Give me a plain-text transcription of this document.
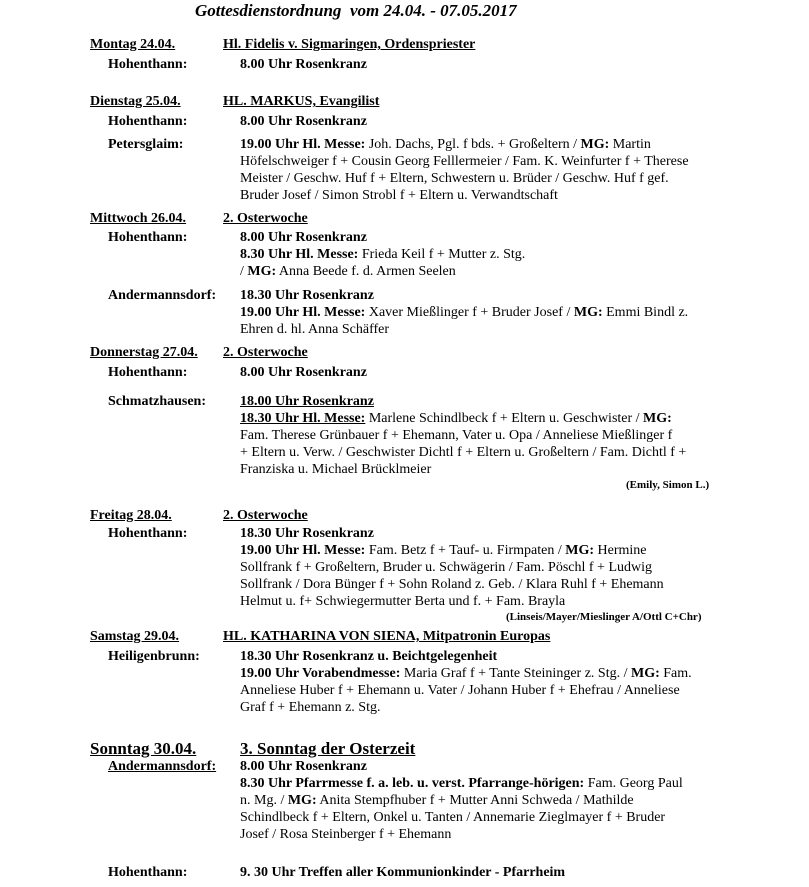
Gottesdienstordnung vom 24.04. - 07.05.2017
Montag 24.04.	Hl. Fidelis v. Sigmaringen, Ordenspriester
Hohenthann:	8.00 Uhr Rosenkranz
Dienstag 25.04.	HL. MARKUS, Evangilist
Hohenthann:	8.00 Uhr Rosenkranz
Petersglaim:	19.00 Uhr Hl. Messe: Joh. Dachs, Pgl. f bds. + Großeltern / MG: Martin
Höfelschweiger f + Cousin Georg Felllermeier / Fam. K. Weinfurter f + Therese
Meister / Geschw. Huf f + Eltern, Schwestern u. Brüder / Geschw. Huf f gef.
Bruder Josef / Simon Strobl f + Eltern u. Verwandtschaft
Mittwoch 26.04.	2. Osterwoche
Hohenthann:	8.00 Uhr Rosenkranz
8.30 Uhr Hl. Messe: Frieda Keil f + Mutter z. Stg.
/ MG: Anna Beede f. d. Armen Seelen
Andermannsdorf: 18.30 Uhr Rosenkranz
19.00 Uhr Hl. Messe: Xaver Mießlinger f + Bruder Josef / MG: Emmi Bindl z.
Ehren d. hl. Anna Schäffer
Donnerstag 27.04. 2. Osterwoche
Hohenthann:	8.00 Uhr Rosenkranz
Schmatzhausen: 18.00 Uhr Rosenkranz
18.30 Uhr Hl. Messe: Marlene Schindlbeck f + Eltern u. Geschwister / MG:
Fam. Therese Grünbauer f + Ehemann, Vater u. Opa / Anneliese Mießlinger f
+ Eltern u. Verw. / Geschwister Dichtl f + Eltern u. Großeltern / Fam. Dichtl f +
Franziska u. Michael Brücklmeier
(Emily, Simon L.)
Freitag 28.04.	2. Osterwoche
Hohenthann:	18.30 Uhr Rosenkranz
19.00 Uhr Hl. Messe: Fam. Betz f + Tauf- u. Firmpaten / MG: Hermine
Sollfrank f + Großeltern, Bruder u. Schwägerin / Fam. Pöschl f + Ludwig
Sollfrank / Dora Bünger f + Sohn Roland z. Geb. / Klara Ruhl f + Ehemann
Helmut u. f+ Schwiegermutter Berta und f. + Fam. Brayla
(Linseis/Mayer/Mieslinger A/Ottl C+Chr)
Samstag 29.04.	HL. KATHARINA VON SIENA, Mitpatronin Europas
Heiligenbrunn:	18.30 Uhr Rosenkranz u. Beichtgelegenheit
19.00 Uhr Vorabendmesse: Maria Graf f + Tante Steininger z. Stg. / MG: Fam.
Anneliese Huber f + Ehemann u. Vater / Johann Huber f + Ehefrau / Anneliese
Graf f + Ehemann z. Stg.
Sonntag 30.04.	3. Sonntag der Osterzeit
Andermannsdorf: 8.00 Uhr Rosenkranz
8.30 Uhr Pfarrmesse f. a. leb. u. verst. Pfarrange-hörigen: Fam. Georg Paul
n. Mg. / MG: Anita Stempfhuber f + Mutter Anni Schweda / Mathilde
Schindlbeck f + Eltern, Onkel u. Tanten / Annemarie Zieglmayer f + Bruder
Josef / Rosa Steinberger f + Ehemann
Hohenthann:	9. 30 Uhr Treffen aller Kommunionkinder - Pfarrheim
